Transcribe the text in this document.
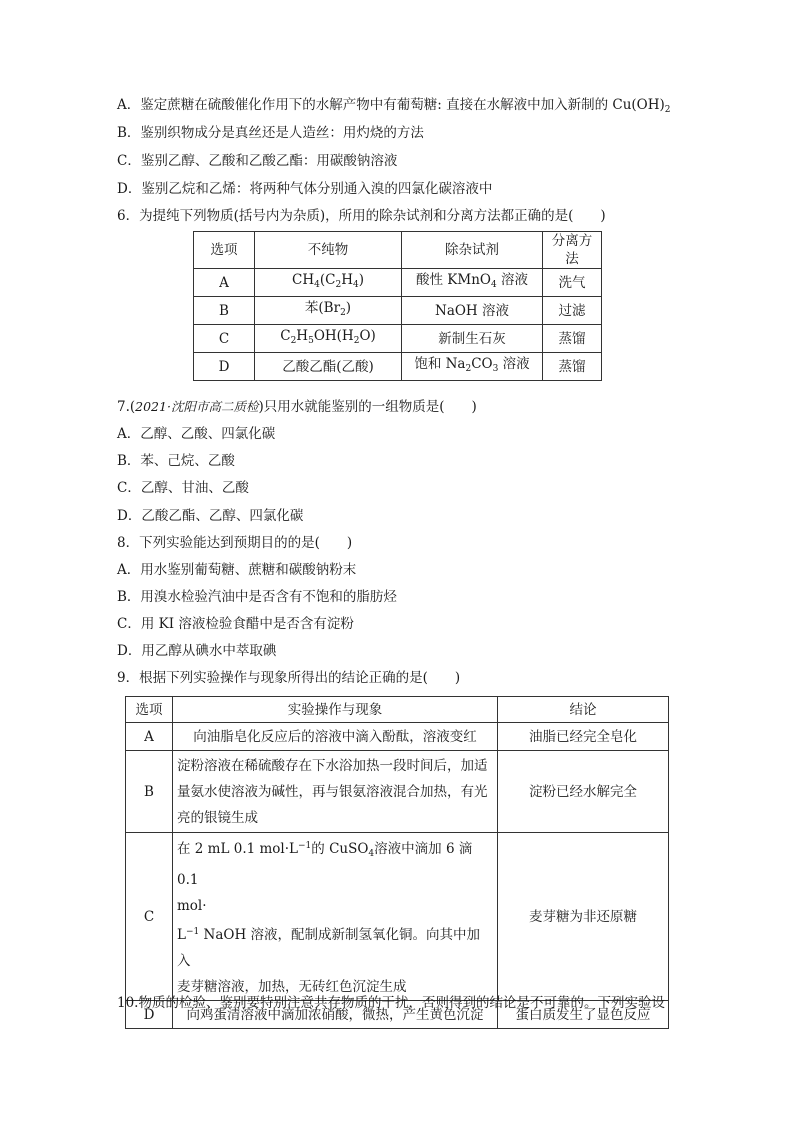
A．鉴定蔗糖在硫酸催化作用下的水解产物中有葡萄糖: 直接在水解液中加入新制的 $Cu(OH)_2$
B．鉴别织物成分是真丝还是人造丝：用灼烧的方法
C．鉴别乙醇、乙酸和乙酸乙酯：用碳酸钠溶液
D．鉴别乙烷和乙烯：将两种气体分别通入溴的四氯化碳溶液中
6．为提纯下列物质(括号内为杂质)，所用的除杂试剂和分离方法都正确的是(　　)
选项	不纯物	除杂试剂	分离方法
A	$CH_4(C_2H_4)$	酸性 KMnO$_4$ 溶液	洗气
B	苯$(Br_2)$	NaOH 溶液	过滤
C	$C_2H_5OH(H_2O)$	新制生石灰	蒸馏
D	乙酸乙酯(乙酸)	饱和 $Na_2CO_3$ 溶液	蒸馏
7.(2021·沈阳市高二质检)只用水就能鉴别的一组物质是(　　)
A．乙醇、乙酸、四氯化碳
B．苯、己烷、乙酸
C．乙醇、甘油、乙酸
D．乙酸乙酯、乙醇、四氯化碳
8．下列实验能达到预期目的的是(　　)
A．用水鉴别葡萄糖、蔗糖和碳酸钠粉末
B．用溴水检验汽油中是否含有不饱和的脂肪烃
C．用 KI 溶液检验食醋中是否含有淀粉
D．用乙醇从碘水中萃取碘
9．根据下列实验操作与现象所得出的结论正确的是(　　)
选项	实验操作与现象	结论
A	向油脂皂化反应后的溶液中滴入酚酞，溶液变红	油脂已经完全皂化
B	淀粉溶液在稀硫酸存在下水浴加热一段时间后，加适
量氨水使溶液为碱性，再与银氨溶液混合加热，有光
亮的银镜生成	淀粉已经水解完全
C	在 2 mL 0.1 $mol\cdot L^{-1}$的 CuSO$_4$溶液中滴加 6 滴 0.1
mol·
$L^{-1}$ NaOH 溶液，配制成新制氢氧化铜。向其中加入
麦芽糖溶液，加热，无砖红色沉淀生成	麦芽糖为非还原糖
D	向鸡蛋清溶液中滴加浓硝酸，微热，产生黄色沉淀	蛋白质发生了显色反应
10.物质的检验、鉴别要特别注意共存物质的干扰，否则得到的结论是不可靠的。下列实验设
